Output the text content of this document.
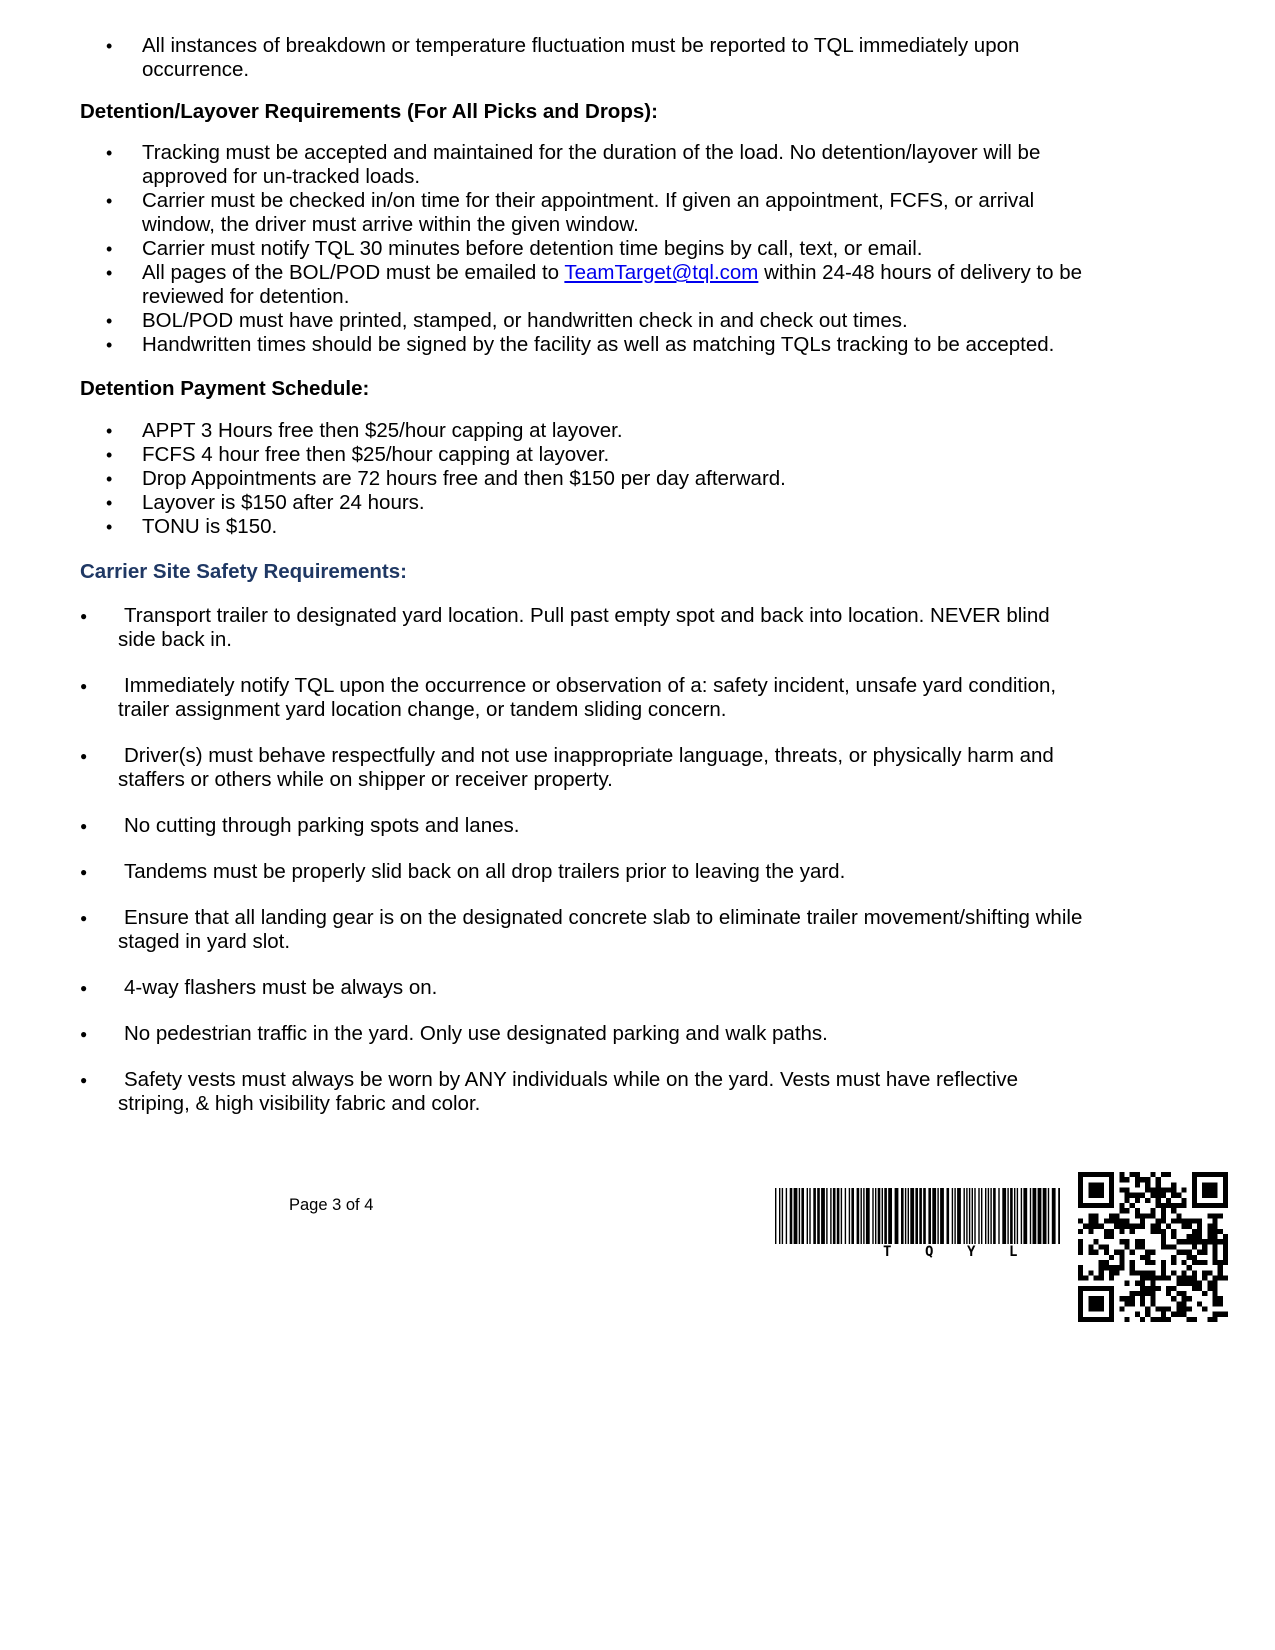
• All instances of breakdown or temperature fluctuation must be reported to TQL immediately upon occurrence.

Detention/Layover Requirements (For All Picks and Drops):

• Tracking must be accepted and maintained for the duration of the load. No detention/layover will be approved for un-tracked loads.
• Carrier must be checked in/on time for their appointment. If given an appointment, FCFS, or arrival window, the driver must arrive within the given window.
• Carrier must notify TQL 30 minutes before detention time begins by call, text, or email.
• All pages of the BOL/POD must be emailed to TeamTarget@tql.com within 24-48 hours of delivery to be reviewed for detention.
• BOL/POD must have printed, stamped, or handwritten check in and check out times.
• Handwritten times should be signed by the facility as well as matching TQLs tracking to be accepted.

Detention Payment Schedule:

• APPT 3 Hours free then $25/hour capping at layover.
• FCFS 4 hour free then $25/hour capping at layover.
• Drop Appointments are 72 hours free and then $150 per day afterward.
• Layover is $150 after 24 hours.
• TONU is $150.

Carrier Site Safety Requirements:

● Transport trailer to designated yard location. Pull past empty spot and back into location. NEVER blind side back in.
● Immediately notify TQL upon the occurrence or observation of a: safety incident, unsafe yard condition, trailer assignment yard location change, or tandem sliding concern.
● Driver(s) must behave respectfully and not use inappropriate language, threats, or physically harm and staffers or others while on shipper or receiver property.
● No cutting through parking spots and lanes.
● Tandems must be properly slid back on all drop trailers prior to leaving the yard.
● Ensure that all landing gear is on the designated concrete slab to eliminate trailer movement/shifting while staged in yard slot.
● 4-way flashers must be always on.
● No pedestrian traffic in the yard. Only use designated parking and walk paths.
● Safety vests must always be worn by ANY individuals while on the yard. Vests must have reflective striping, & high visibility fabric and color.
Page 3 of 4
T Q Y L
